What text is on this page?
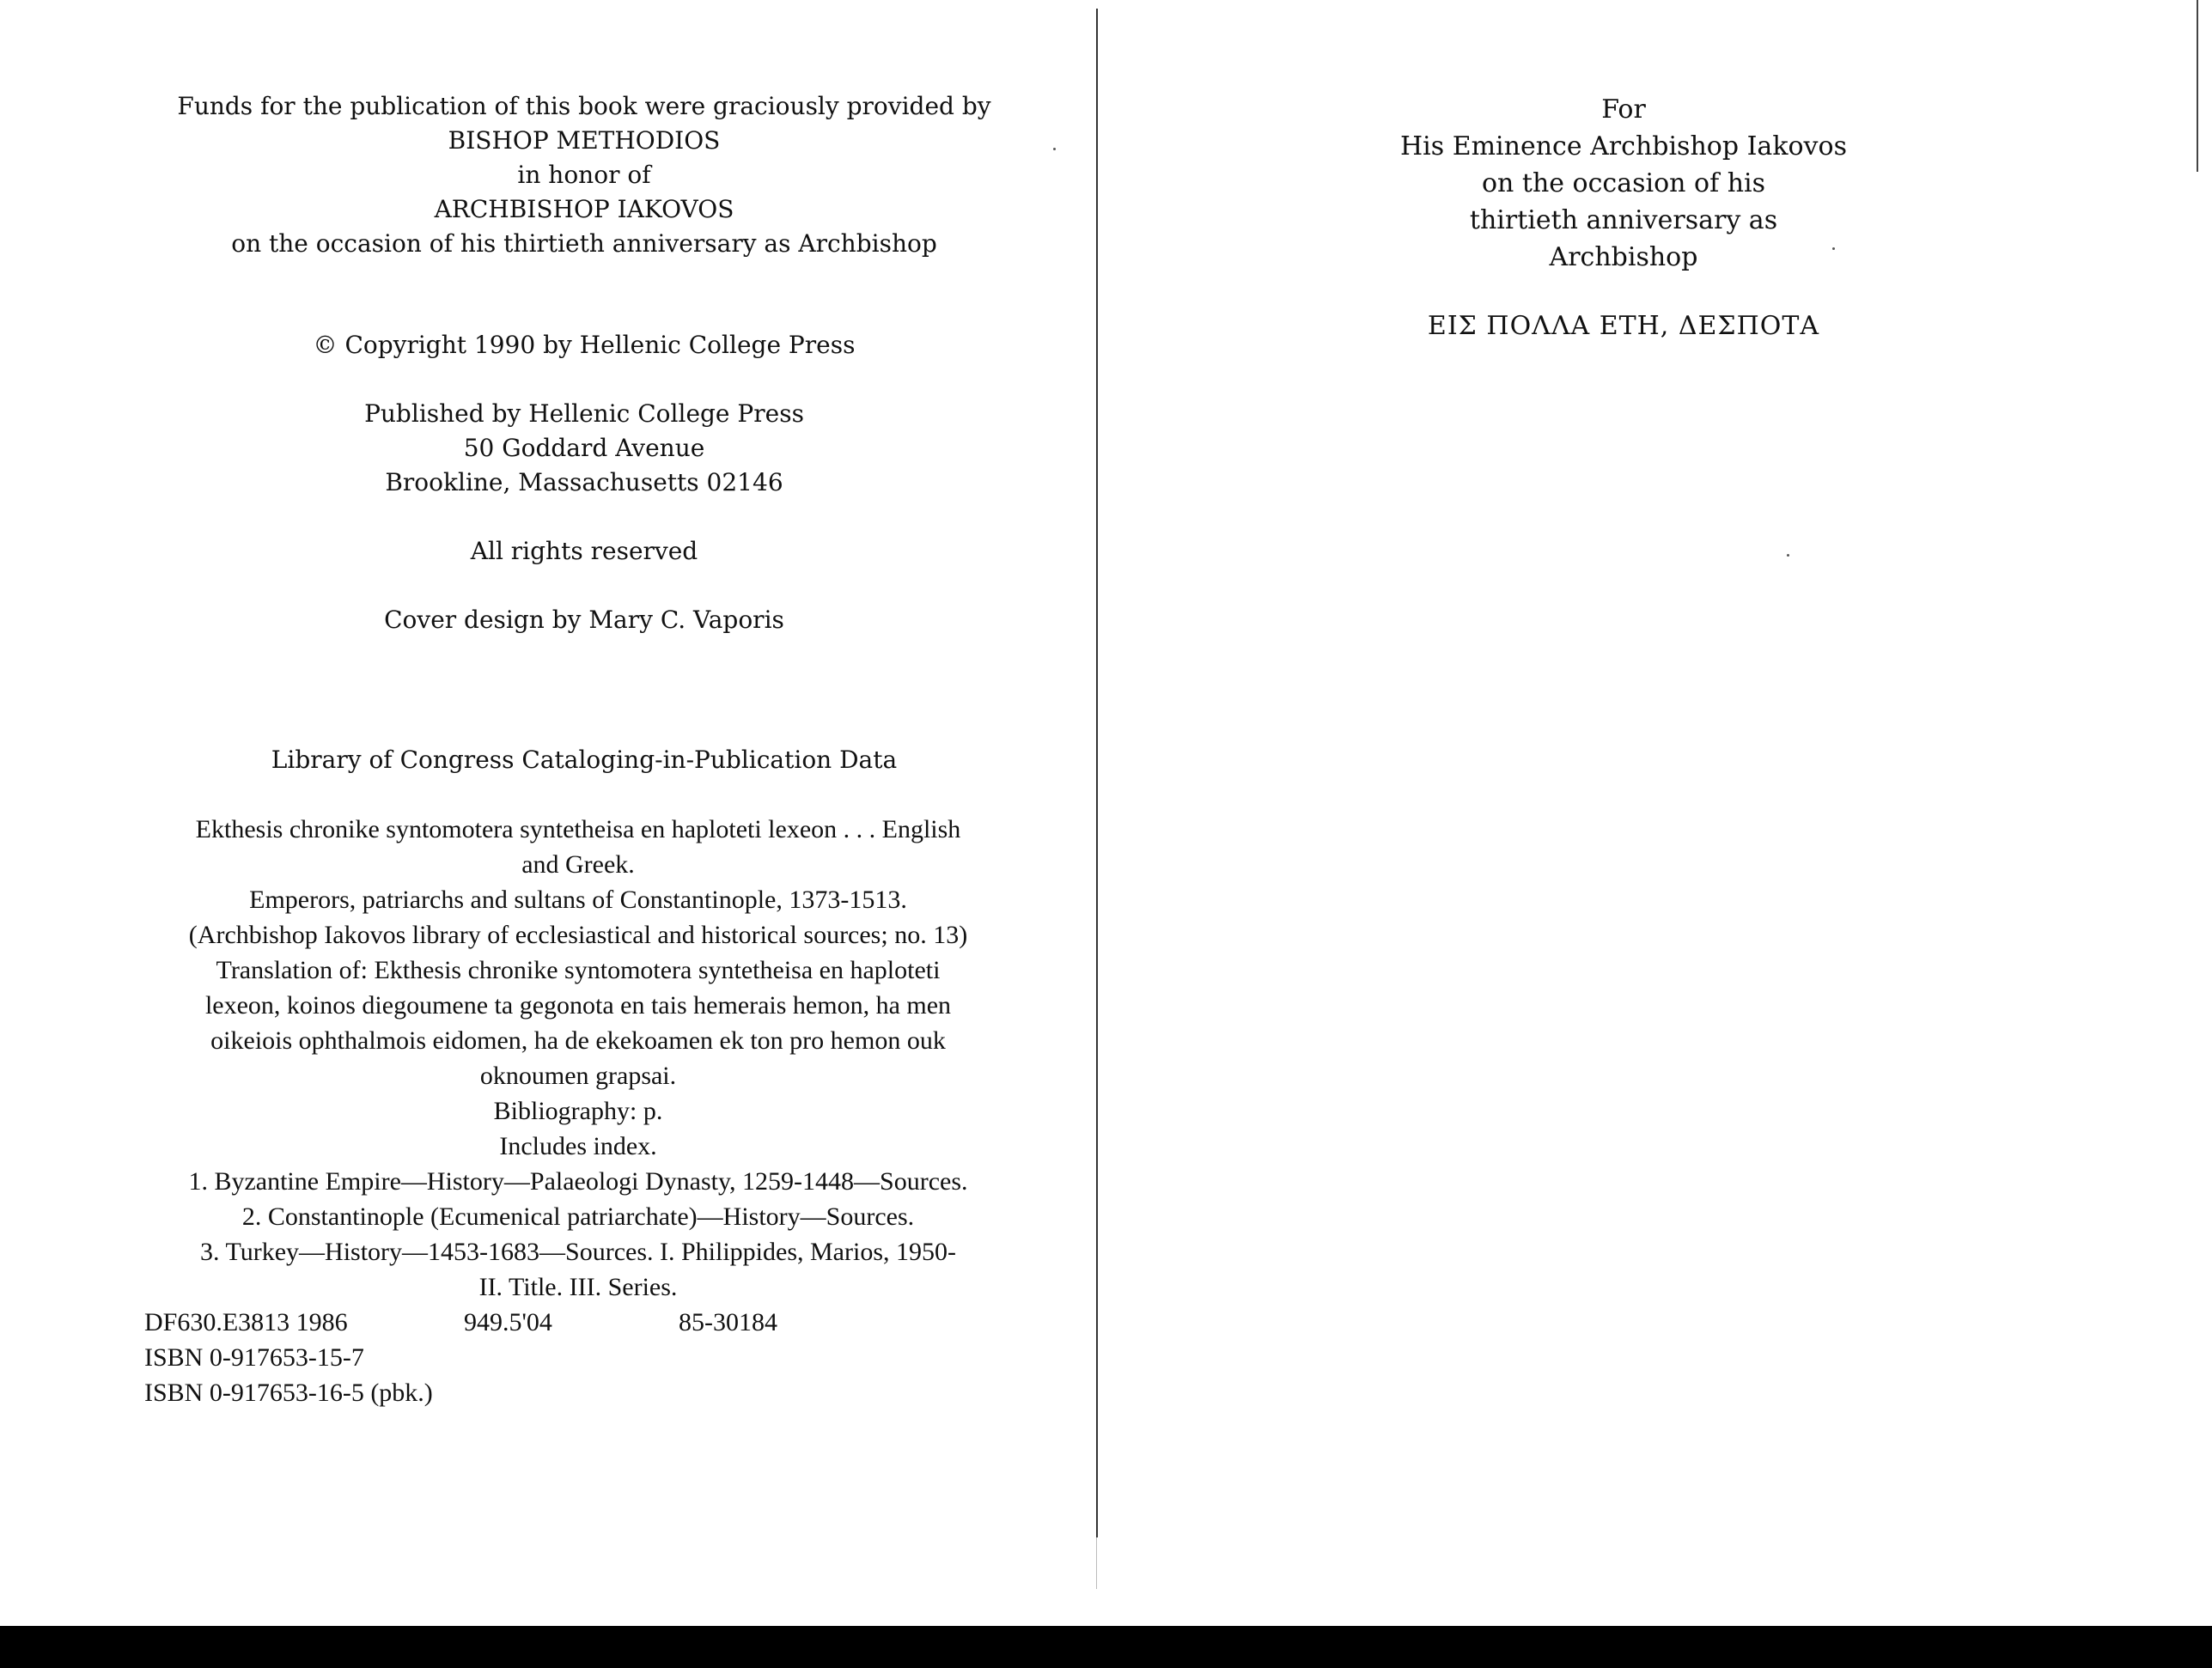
Funds for the publication of this book were graciously provided by
BISHOP METHODIOS
in honor of
ARCHBISHOP IAKOVOS
on the occasion of his thirtieth anniversary as Archbishop
© Copyright 1990 by Hellenic College Press
Published by Hellenic College Press
50 Goddard Avenue
Brookline, Massachusetts 02146
All rights reserved
Cover design by Mary C. Vaporis
Library of Congress Cataloging-in-Publication Data
Ekthesis chronike syntomotera syntetheisa en haploteti lexeon . . . English
and Greek.
Emperors, patriarchs and sultans of Constantinople, 1373-1513.
(Archbishop Iakovos library of ecclesiastical and historical sources; no. 13)
Translation of: Ekthesis chronike syntomotera syntetheisa en haploteti
lexeon, koinos diegoumene ta gegonota en tais hemerais hemon, ha men
oikeiois ophthalmois eidomen, ha de ekekoamen ek ton pro hemon ouk
oknoumen grapsai.
Bibliography: p.
Includes index.
1. Byzantine Empire—History—Palaeologi Dynasty, 1259-1448—Sources.
2. Constantinople (Ecumenical patriarchate)—History—Sources.
3. Turkey—History—1453-1683—Sources. I. Philippides, Marios, 1950-
II. Title. III. Series.
DF630.E3813 1986	949.5'04	85-30184
ISBN 0-917653-15-7
ISBN 0-917653-16-5 (pbk.)
For
His Eminence Archbishop Iakovos
on the occasion of his
thirtieth anniversary as
Archbishop
ΕΙΣ ΠΟΛΛΑ ΕΤΗ, ΔΕΣΠΟΤΑ
